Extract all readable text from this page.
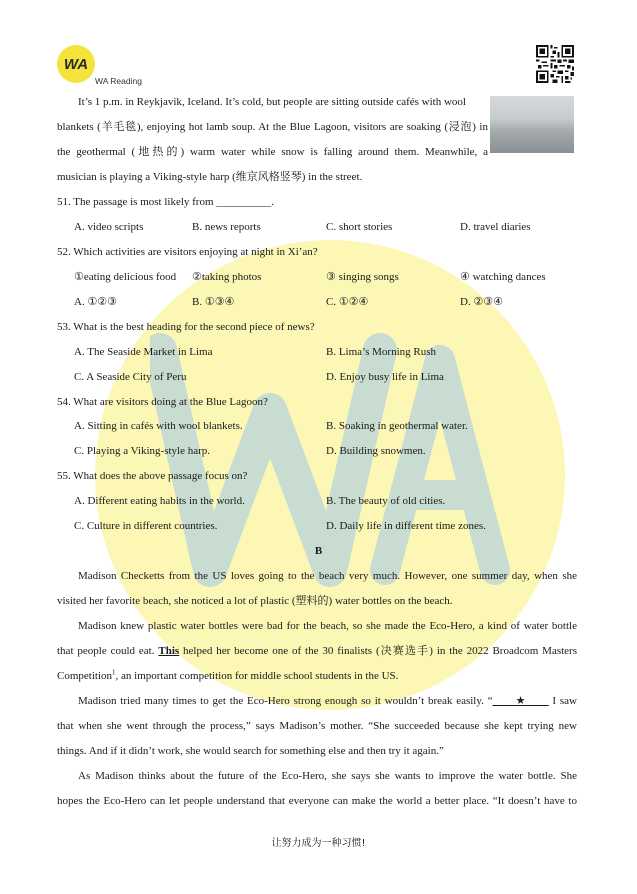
WA
WA Reading
It’s 1 p.m. in Reykjavik, Iceland. It’s cold, but people are sitting outside cafés with wool
blankets (羊毛毯), enjoying hot lamb soup. At the Blue Lagoon, visitors are soaking (浸泡) in
the geothermal (地热的) warm water while snow is falling around them. Meanwhile, a
musician is playing a Viking-style harp (维京风格竖琴) in the street.
51. The passage is most likely from __________.
A. video scripts	B. news reports	C. short stories	D. travel diaries
52. Which activities are visitors enjoying at night in Xi’an?
①eating delicious food ②taking photos	③ singing songs	④ watching dances
A. ①②③	B. ①③④	C. ①②④	D. ②③④
53. What is the best heading for the second piece of news?
A. The Seaside Market in Lima	B. Lima’s Morning Rush
C. A Seaside City of Peru	D. Enjoy busy life in Lima
54. What are visitors doing at the Blue Lagoon?
A. Sitting in cafés with wool blankets.	B. Soaking in geothermal water.
C. Playing a Viking-style harp.	D. Building snowmen.
55. What does the above passage focus on?
A. Different eating habits in the world.	B. The beauty of old cities.
C. Culture in different countries.	D. Daily life in different time zones.
B
Madison Checketts from the US loves going to the beach very much. However, one summer day, when she
visited her favorite beach, she noticed a lot of plastic (塑料的) water bottles on the beach.
Madison knew plastic water bottles were bad for the beach, so she made the Eco-Hero, a kind of water bottle
that people could eat. This helped her become one of the 30 finalists (决赛选手) in the 2022 Broadcom Masters
Competition$^1$, an important competition for middle school students in the US.
Madison tried many times to get the Eco-Hero strong enough so it wouldn’t break easily. “____★____ I saw
that when she went through the process,” says Madison’s mother. “She succeeded because she kept trying new
things. And if it didn’t work, she would search for something else and then try it again.”
As Madison thinks about the future of the Eco-Hero, she says she wants to improve the water bottle. She
hopes the Eco-Hero can let people understand that everyone can make the world a better place. “It doesn’t have to
让努力成为一种习惯!
